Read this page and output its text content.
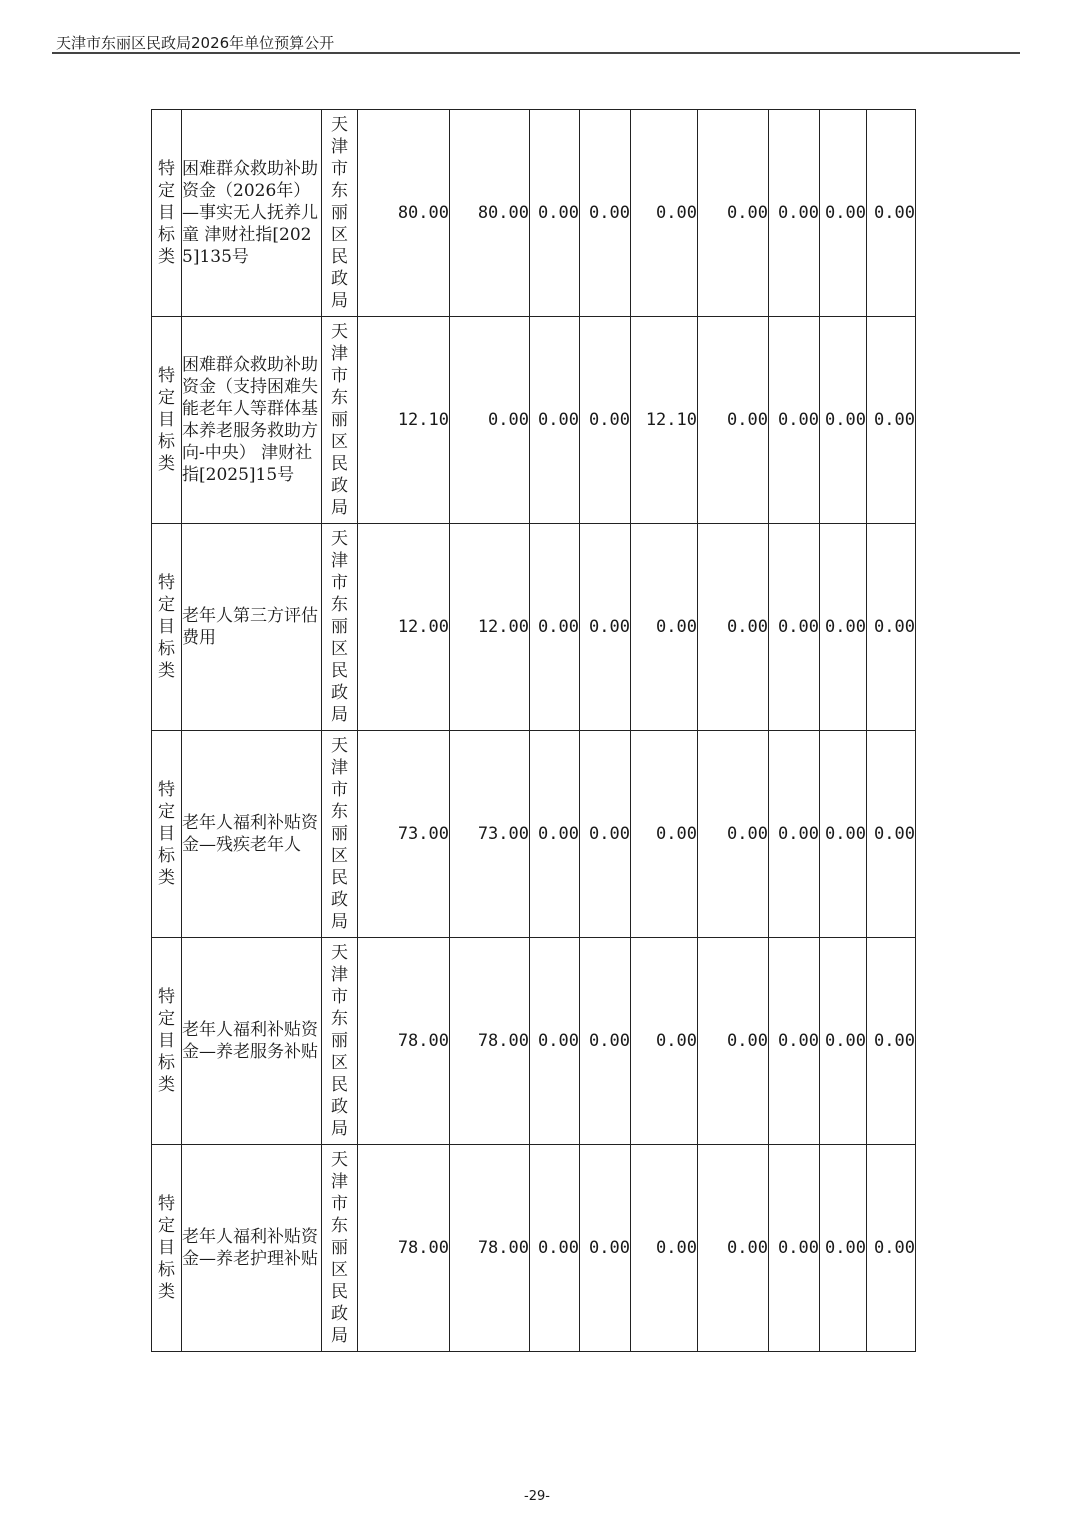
天津市东丽区民政局2026年单位预算公开
特定目标类	困难群众救助补助资金（2026年）—事实无人抚养儿童 津财社指[2025]135号	天津市东丽区民政局	80.00	80.00	0.00	0.00	0.00	0.00	0.00	0.00	0.00
特定目标类	困难群众救助补助资金（支持困难失能老年人等群体基本养老服务救助方向-中央） 津财社指[2025]15号	天津市东丽区民政局	12.10	0.00	0.00	0.00	12.10	0.00	0.00	0.00	0.00
特定目标类	老年人第三方评估费用	天津市东丽区民政局	12.00	12.00	0.00	0.00	0.00	0.00	0.00	0.00	0.00
特定目标类	老年人福利补贴资金—残疾老年人	天津市东丽区民政局	73.00	73.00	0.00	0.00	0.00	0.00	0.00	0.00	0.00
特定目标类	老年人福利补贴资金—养老服务补贴	天津市东丽区民政局	78.00	78.00	0.00	0.00	0.00	0.00	0.00	0.00	0.00
特定目标类	老年人福利补贴资金—养老护理补贴	天津市东丽区民政局	78.00	78.00	0.00	0.00	0.00	0.00	0.00	0.00	0.00
-29-
